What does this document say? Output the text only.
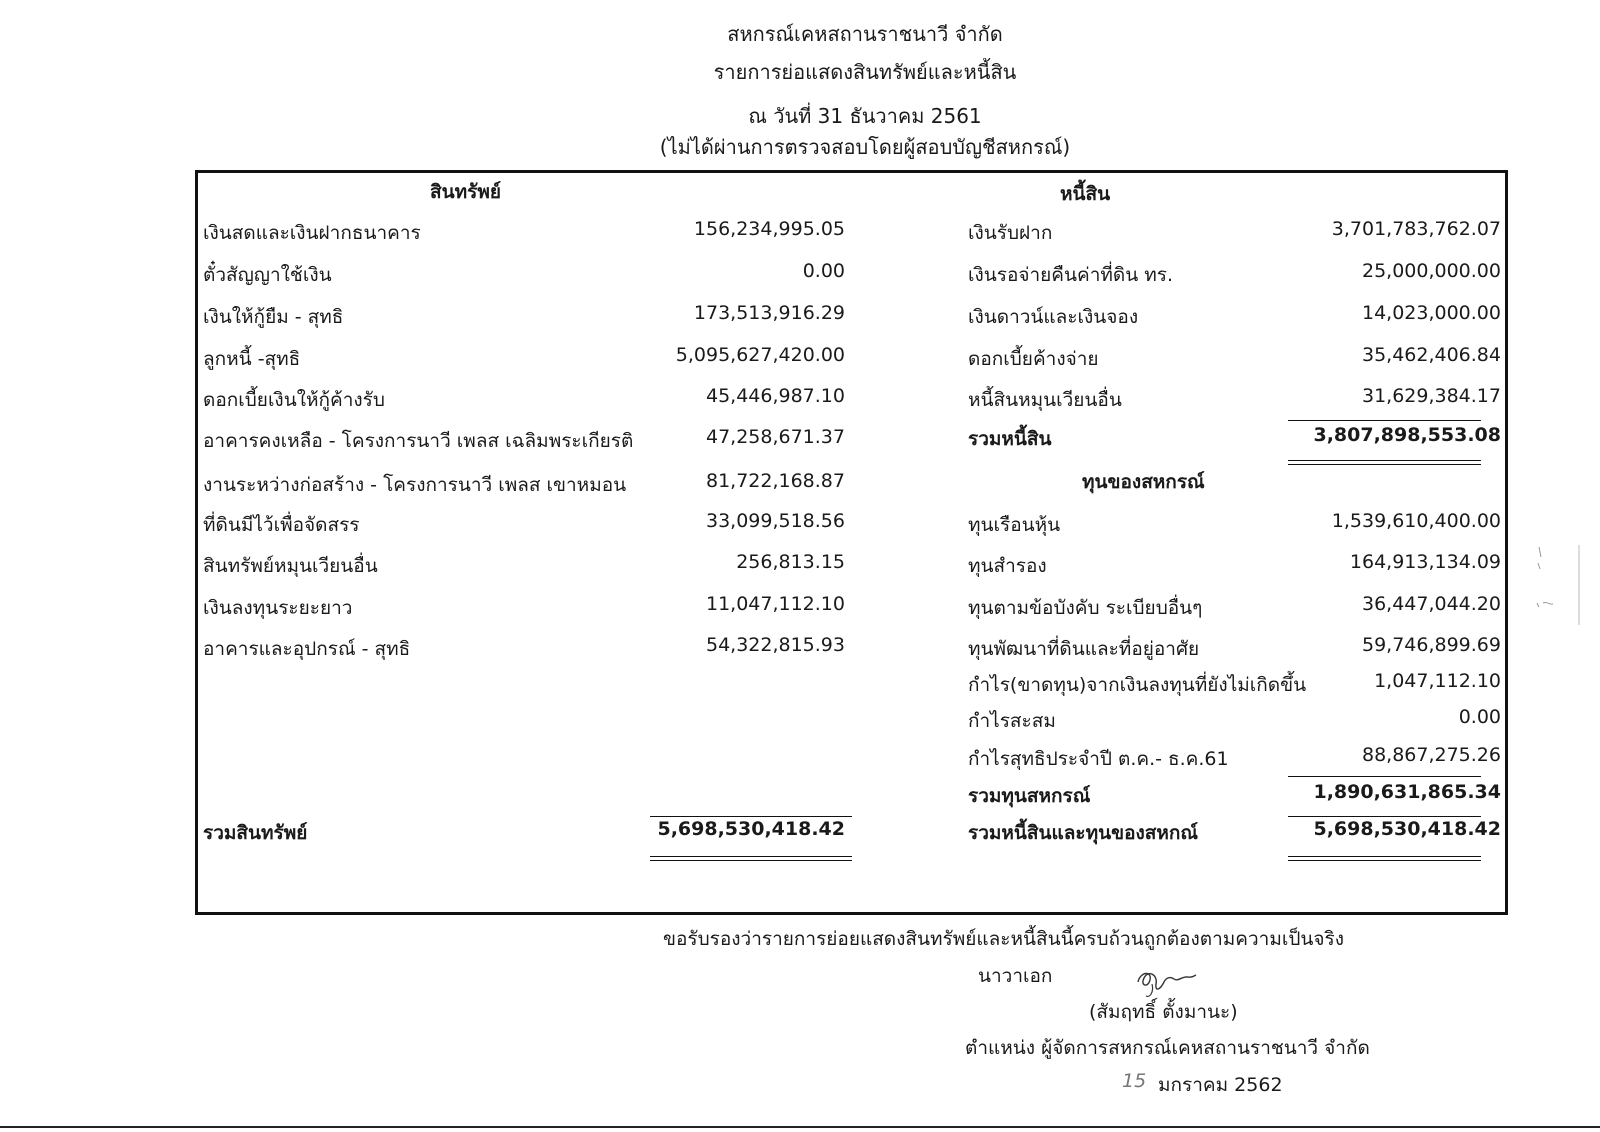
สหกรณ์เคหสถานราชนาวี จำกัด
รายการย่อแสดงสินทรัพย์และหนี้สิน
ณ วันที่ 31 ธันวาคม 2561
(ไม่ได้ผ่านการตรวจสอบโดยผู้สอบบัญชีสหกรณ์)
สินทรัพย์	หนี้สิน
เงินสดและเงินฝากธนาคาร	156,234,995.05
ตั๋วสัญญาใช้เงิน	0.00
เงินให้กู้ยืม - สุทธิ	173,513,916.29
ลูกหนี้ -สุทธิ	5,095,627,420.00
ดอกเบี้ยเงินให้กู้ค้างรับ	45,446,987.10
อาคารคงเหลือ - โครงการนาวี เพลส เฉลิมพระเกียรติ	47,258,671.37
งานระหว่างก่อสร้าง - โครงการนาวี เพลส เขาหมอน	81,722,168.87
ที่ดินมีไว้เพื่อจัดสรร	33,099,518.56
สินทรัพย์หมุนเวียนอื่น	256,813.15
เงินลงทุนระยะยาว	11,047,112.10
อาคารและอุปกรณ์ - สุทธิ	54,322,815.93
เงินรับฝาก	3,701,783,762.07
เงินรอจ่ายคืนค่าที่ดิน ทร.	25,000,000.00
เงินดาวน์และเงินจอง	14,023,000.00
ดอกเบี้ยค้างจ่าย	35,462,406.84
หนี้สินหมุนเวียนอื่น	31,629,384.17
รวมหนี้สิน	3,807,898,553.08
ทุนของสหกรณ์
ทุนเรือนหุ้น	1,539,610,400.00
ทุนสำรอง	164,913,134.09
ทุนตามข้อบังคับ ระเบียบอื่นๆ	36,447,044.20
ทุนพัฒนาที่ดินและที่อยู่อาศัย	59,746,899.69
กำไร(ขาดทุน)จากเงินลงทุนที่ยังไม่เกิดขึ้น	1,047,112.10
กำไรสะสม	0.00
กำไรสุทธิประจำปี ต.ค.- ธ.ค.61	88,867,275.26
รวมทุนสหกรณ์	1,890,631,865.34
รวมหนี้สินและทุนของสหกณ์	5,698,530,418.42
รวมสินทรัพย์	5,698,530,418.42
ขอรับรองว่ารายการย่อยแสดงสินทรัพย์และหนี้สินนี้ครบถ้วนถูกต้องตามความเป็นจริง
นาวาเอก
(สัมฤทธิ์ ตั้งมานะ)
ตำแหน่ง ผู้จัดการสหกรณ์เคหสถานราชนาวี จำกัด
15 มกราคม 2562
